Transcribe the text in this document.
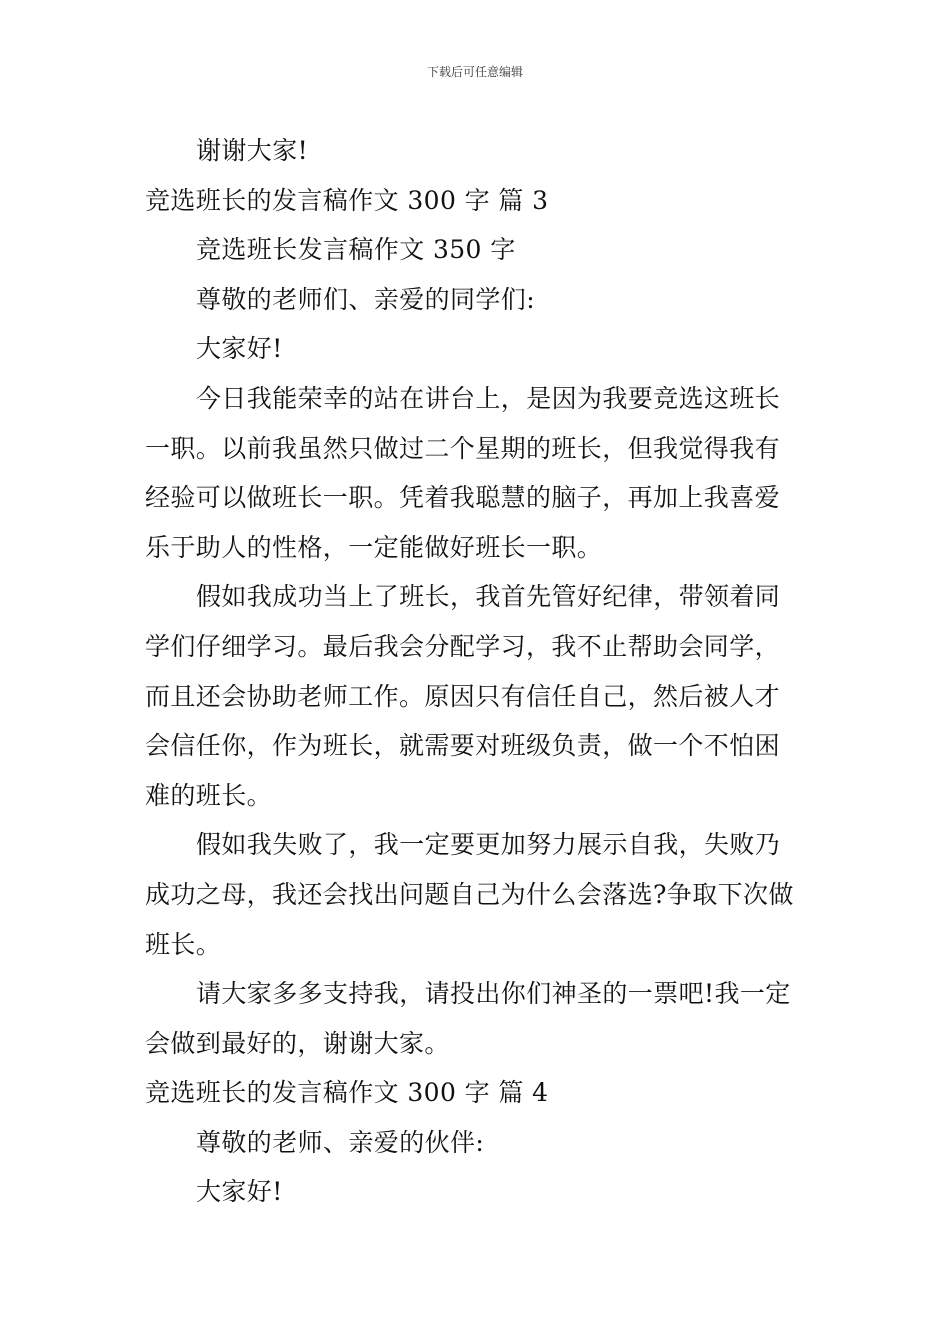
下载后可任意编辑
谢谢大家!
竞选班长的发言稿作文 300 字 篇 3
竞选班长发言稿作文 350 字
尊敬的老师们、亲爱的同学们:
大家好!
今日我能荣幸的站在讲台上，是因为我要竞选这班长
一职。以前我虽然只做过二个星期的班长，但我觉得我有
经验可以做班长一职。凭着我聪慧的脑子，再加上我喜爱
乐于助人的性格，一定能做好班长一职。
假如我成功当上了班长，我首先管好纪律，带领着同
学们仔细学习。最后我会分配学习，我不止帮助会同学，
而且还会协助老师工作。原因只有信任自己，然后被人才
会信任你，作为班长，就需要对班级负责，做一个不怕困
难的班长。
假如我失败了，我一定要更加努力展示自我，失败乃
成功之母，我还会找出问题自己为什么会落选?争取下次做
班长。
请大家多多支持我，请投出你们神圣的一票吧!我一定
会做到最好的，谢谢大家。
竞选班长的发言稿作文 300 字 篇 4
尊敬的老师、亲爱的伙伴:
大家好!
